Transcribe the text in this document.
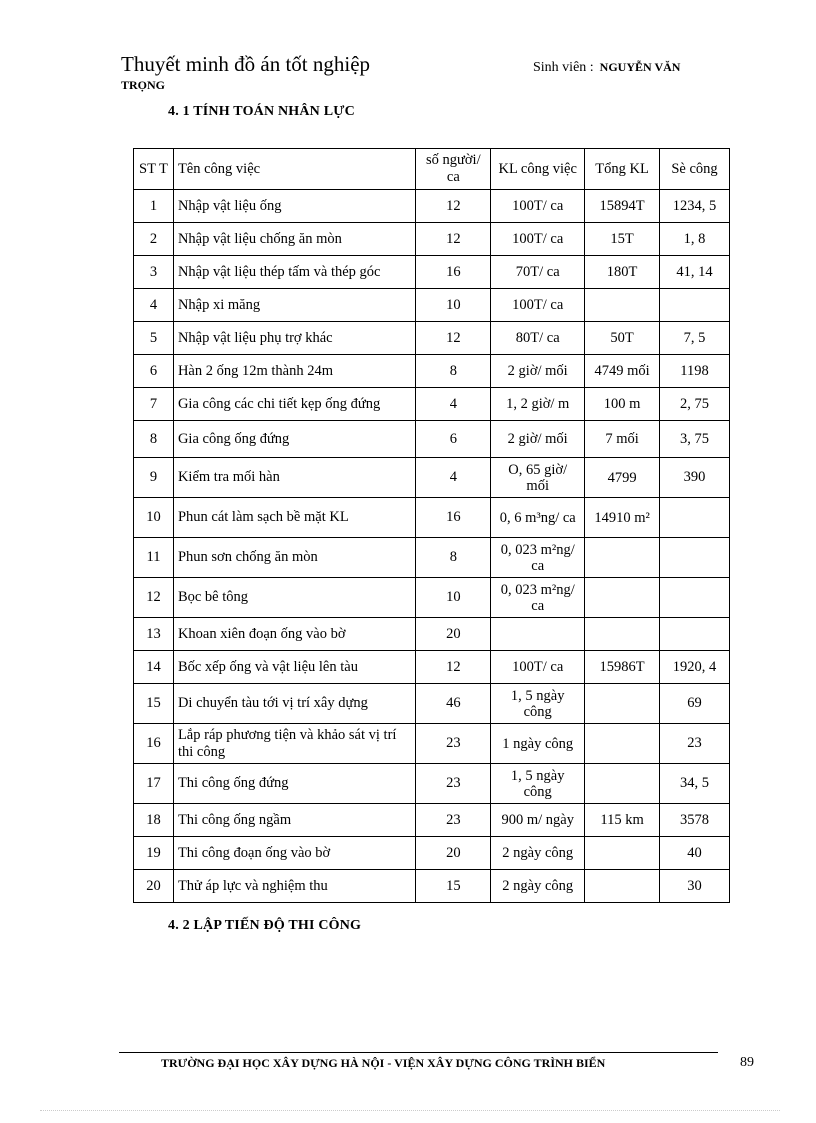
Thuyết minh đồ án tốt nghiệp	Sinh viên : NGUYỄN VĂN
TRỌNG
4. 1 TÍNH TOÁN NHÂN LỰC
ST T	Tên công việc	số người/ ca	KL công việc	Tổng KL	Sè công
1	Nhập vật liệu ống	12	100T/ ca	15894T	1234, 5
2	Nhập vật liệu chống ăn mòn	12	100T/ ca	15T	1, 8
3	Nhập vật liệu thép tấm và thép góc	16	70T/ ca	180T	41, 14
4	Nhập xi măng	10	100T/ ca		
5	Nhập vật liệu phụ trợ khác	12	80T/ ca	50T	7, 5
6	Hàn 2 ống 12m thành 24m	8	2 giờ/ mối	4749 mối	1198
7	Gia công các chi tiết kẹp ống đứng	4	1, 2 giờ/ m	100 m	2, 75
8	Gia công ống đứng	6	2 giờ/ mối	7 mối	3, 75
9	Kiểm tra mối hàn	4	O, 65 giờ/ mối	4799	390
10	Phun cát làm sạch bề mặt KL	16	0, 6 m³ng/ ca	14910 m²	
11	Phun sơn chống ăn mòn	8	0, 023 m²ng/ ca		
12	Bọc bê tông	10	0, 023 m²ng/ ca		
13	Khoan xiên đoạn ống vào bờ	20			
14	Bốc xếp ống và vật liệu lên tàu	12	100T/ ca	15986T	1920, 4
15	Di chuyển tàu tới vị trí xây dựng	46	1, 5 ngày công		69
16	Lắp ráp phương tiện và khảo sát vị trí thi công	23	1 ngày công		23
17	Thi công ống đứng	23	1, 5 ngày công		34, 5
18	Thi công ống ngầm	23	900 m/ ngày	115 km	3578
19	Thi công đoạn ống vào bờ	20	2 ngày công		40
20	Thử áp lực và nghiệm thu	15	2 ngày công		30
4. 2 LẬP TIẾN ĐỘ THI CÔNG
TRƯỜNG ĐẠI HỌC XÂY DỰNG HÀ NỘI - VIỆN XÂY DỰNG CÔNG TRÌNH BIỂN	89
